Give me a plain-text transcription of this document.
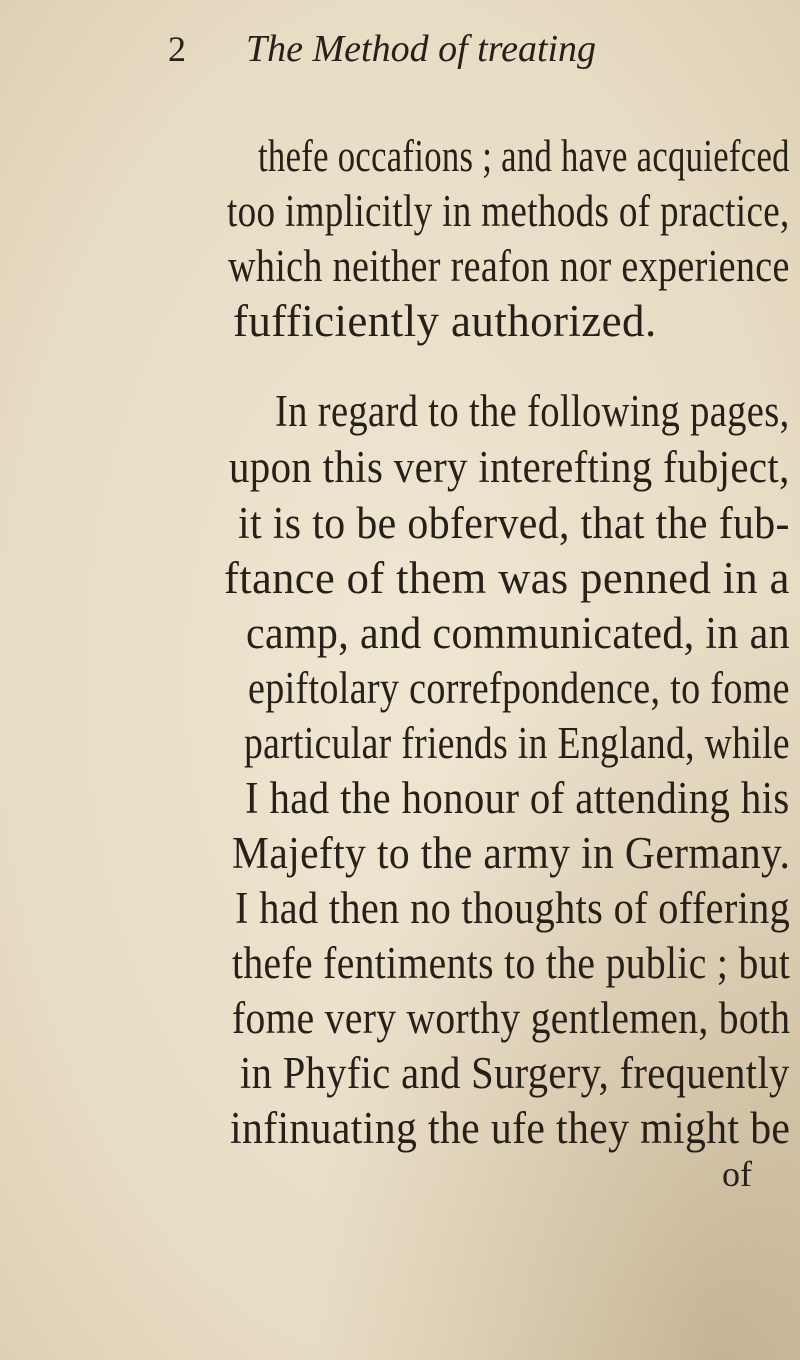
2 The Method of treating
thefe occafions ; and have acquiefced
too implicitly in methods of practice,
which neither reafon nor experience
fufficiently authorized.
In regard to the following pages,
upon this very interefting fubject,
it is to be obferved, that the fub-
ftance of them was penned in a
camp, and communicated, in an
epiftolary correfpondence, to fome
particular friends in England, while
I had the honour of attending his
Majefty to the army in Germany.
I had then no thoughts of offering
thefe fentiments to the public ; but
fome very worthy gentlemen, both
in Phyfic and Surgery, frequently
infinuating the ufe they might be
of
